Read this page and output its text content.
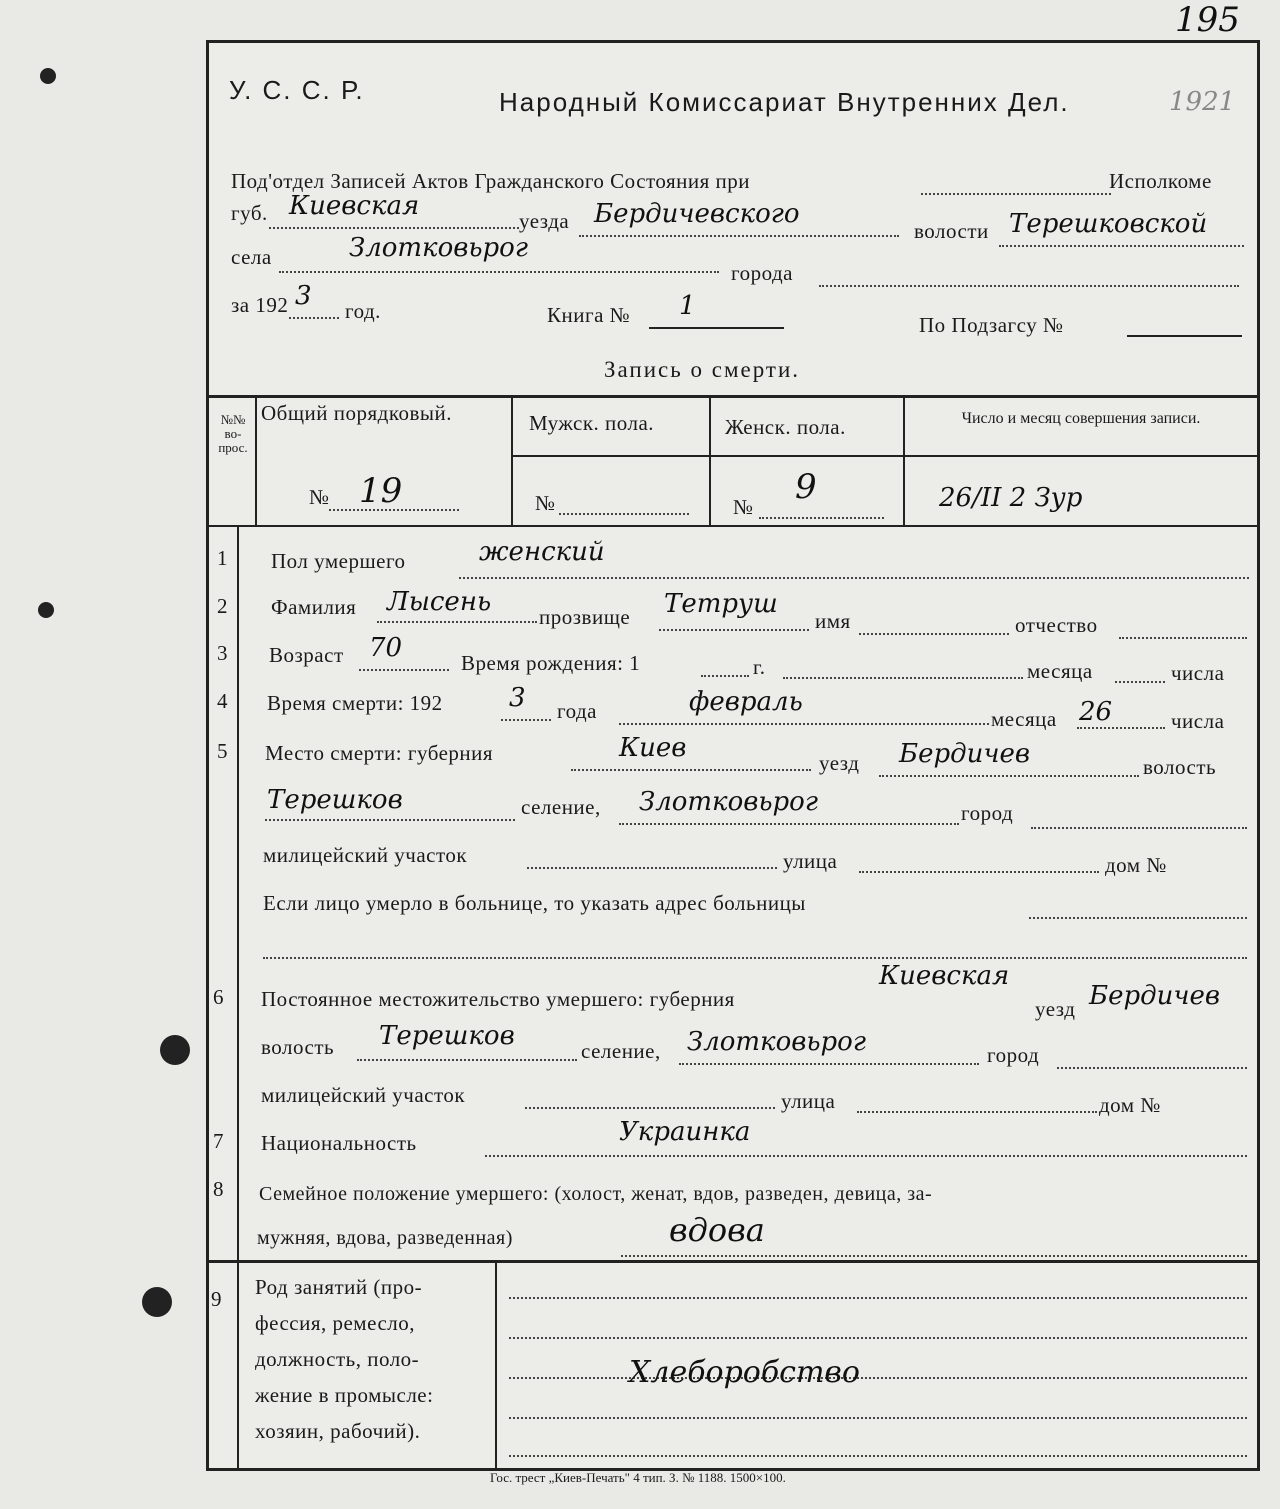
195
У. С. С. Р.	Народный Комиссариат Внутренних Дел.	1921
Под'отдел Записей Актов Гражданского Состояния при	Исполкоме
губ. Киевская	уезда Бердичевского
волости Терешковской
села	Злотковьрог
города
за 192 3 год.	Книга № 1
По Подзагсу №
Запись о смерти.
№№ во- прос.
Общий порядковый.	Мужск. пола.	Женск. пола.	Число и месяц совершения записи.
№ 19	№	№ 9	26/II 2 Зур
1 Пол умершего	женский
2 Фамилия Лысень прозвище Тетруш
имя	отчество
3 Возраст 70	Время рождения: 1	г.	месяца	числа
4 Время смерти: 192	3 года	февраль
месяца 26	числа
5 Место смерти: губерния	Киев	уезд Бердичев	волость
Терешков	селение, Злотковьрог	город
милицейский участок	улица	дом №
Если лицо умерло в больнице, то указать адрес больницы
6 Постоянное местожительство умершего: губерния
Киевская
уезд Бердичев
волость Терешков	селение, Злотковьрог	город
милицейский участок	улица	дом №
7 Национальность	Украинка
8 Семейное положение умершего: (холост, женат, вдов, разведен, девица, за-
мужняя, вдова, разведенная)	вдова
9 Род занятий (про-
фессия, ремесло,
должность, поло-
жение в промысле:
хозяин, рабочий).
Хлеборобство
Гос. трест „Киев-Печать" 4 тип. З. № 1188. 1500×100.
